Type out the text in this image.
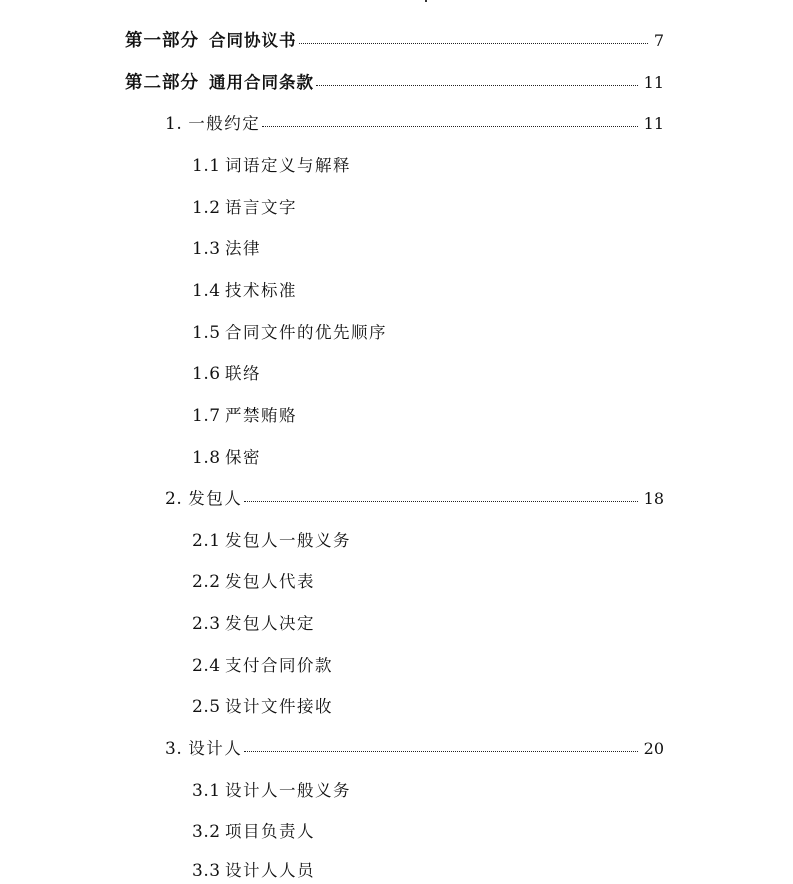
第一部分 合同协议书	7
第二部分 通用合同条款	11
1. 一般约定	11
1.1 词语定义与解释
1.2 语言文字
1.3 法律
1.4 技术标准
1.5 合同文件的优先顺序
1.6 联络
1.7 严禁贿赂
1.8 保密
2. 发包人	18
2.1 发包人一般义务
2.2 发包人代表
2.3 发包人决定
2.4 支付合同价款
2.5 设计文件接收
3. 设计人	20
3.1 设计人一般义务
3.2 项目负责人
3.3 设计人人员
